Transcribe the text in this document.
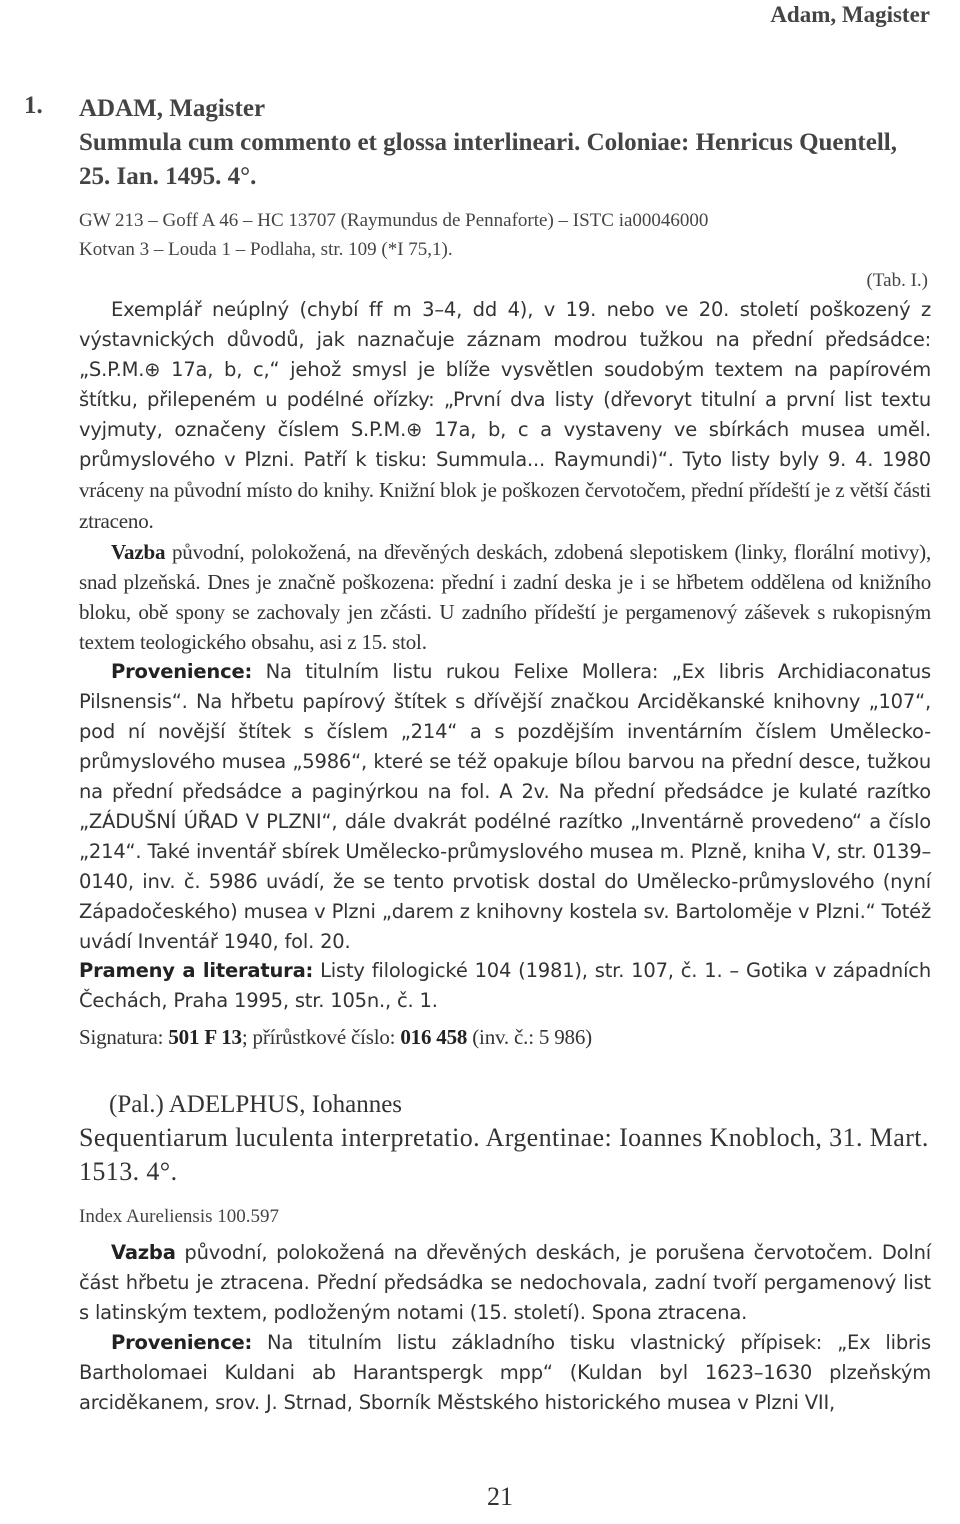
Adam, Magister
1. ADAM, Magister
Summula cum commento et glossa interlineari. Coloniae: Henricus Quentell, 25. Ian. 1495. 4°.
GW 213 – Goff A 46 – HC 13707 (Raymundus de Pennaforte) – ISTC ia00046000
Kotvan 3 – Louda 1 – Podlaha, str. 109 (*I 75,1).
(Tab. I.)

Exemplář neúplný (chybí ff m 3–4, dd 4), v 19. nebo ve 20. století poškozený z výstavnických důvodů, jak naznačuje záznam modrou tužkou na přední předsádce: „S.P.M.⊕ 17a, b, c,“ jehož smysl je blíže vysvětlen soudobým textem na papírovém štítku, přilepeném u podélné ořízky: „První dva listy (dřevoryt titulní a první list textu vyjmuty, označeny číslem S.P.M.⊕ 17a, b, c a vystaveny ve sbírkách musea uměl. průmyslového v Plzni. Patří k tisku: Summula... Raymundi)“. Tyto listy byly 9. 4. 1980 vráceny na původní místo do knihy. Knižní blok je poškozen červotočem, přední přídeští je z větší části ztraceno.

Vazba původní, polokožená, na dřevěných deskách, zdobená slepotiskem (linky, florální motivy), snad plzeňská. Dnes je značně poškozena: přední i zadní deska je i se hřbetem oddělena od knižního bloku, obě spony se zachovaly jen zčásti. U zadního přídeští je pergamenový záševek s rukopisným textem teologického obsahu, asi z 15. stol.

Provenience: Na titulním listu rukou Felixe Mollera: „Ex libris Archidiaconatus Pilsnensis“. Na hřbetu papírový štítek s dřívější značkou Arciděkanské knihovny „107“, pod ní novější štítek s číslem „214“ a s pozdějším inventárním číslem Umělecko-průmyslového musea „5986“, které se též opakuje bílou barvou na přední desce, tužkou na přední předsádce a paginýrkou na fol. A 2v. Na přední předsádce je kulaté razítko „ZÁDUŠNÍ ÚŘAD V PLZNI“, dále dvakrát podélné razítko „Inventárně provedeno“ a číslo „214“. Také inventář sbírek Umělecko-průmyslového musea m. Plzně, kniha V, str. 0139–0140, inv. č. 5986 uvádí, že se tento prvotisk dostal do Umělecko-průmyslového (nyní Západočeského) musea v Plzni „darem z knihovny kostela sv. Bartoloměje v Plzni.“ Totéž uvádí Inventář 1940, fol. 20.

Prameny a literatura: Listy filologické 104 (1981), str. 107, č. 1. – Gotika v západních Čechách, Praha 1995, str. 105n., č. 1.

Signatura: 501 F 13; přírůstkové číslo: 016 458 (inv. č.: 5 986)

(Pal.) ADELPHUS, Iohannes
Sequentiarum luculenta interpretatio. Argentinae: Ioannes Knobloch, 31. Mart. 1513. 4°.
Index Aureliensis 100.597

Vazba původní, polokožená na dřevěných deskách, je porušena červotočem. Dolní část hřbetu je ztracena. Přední předsádka se nedochovala, zadní tvoří pergamenový list s latinským textem, podloženým notami (15. století). Spona ztracena.

Provenience: Na titulním listu základního tisku vlastnický přípisek: „Ex libris Bartholomaei Kuldani ab Harantspergk mpp“ (Kuldan byl 1623–1630 plzeňským arciděkanem, srov. J. Strnad, Sborník Městského historického musea v Plzni VII,

21
